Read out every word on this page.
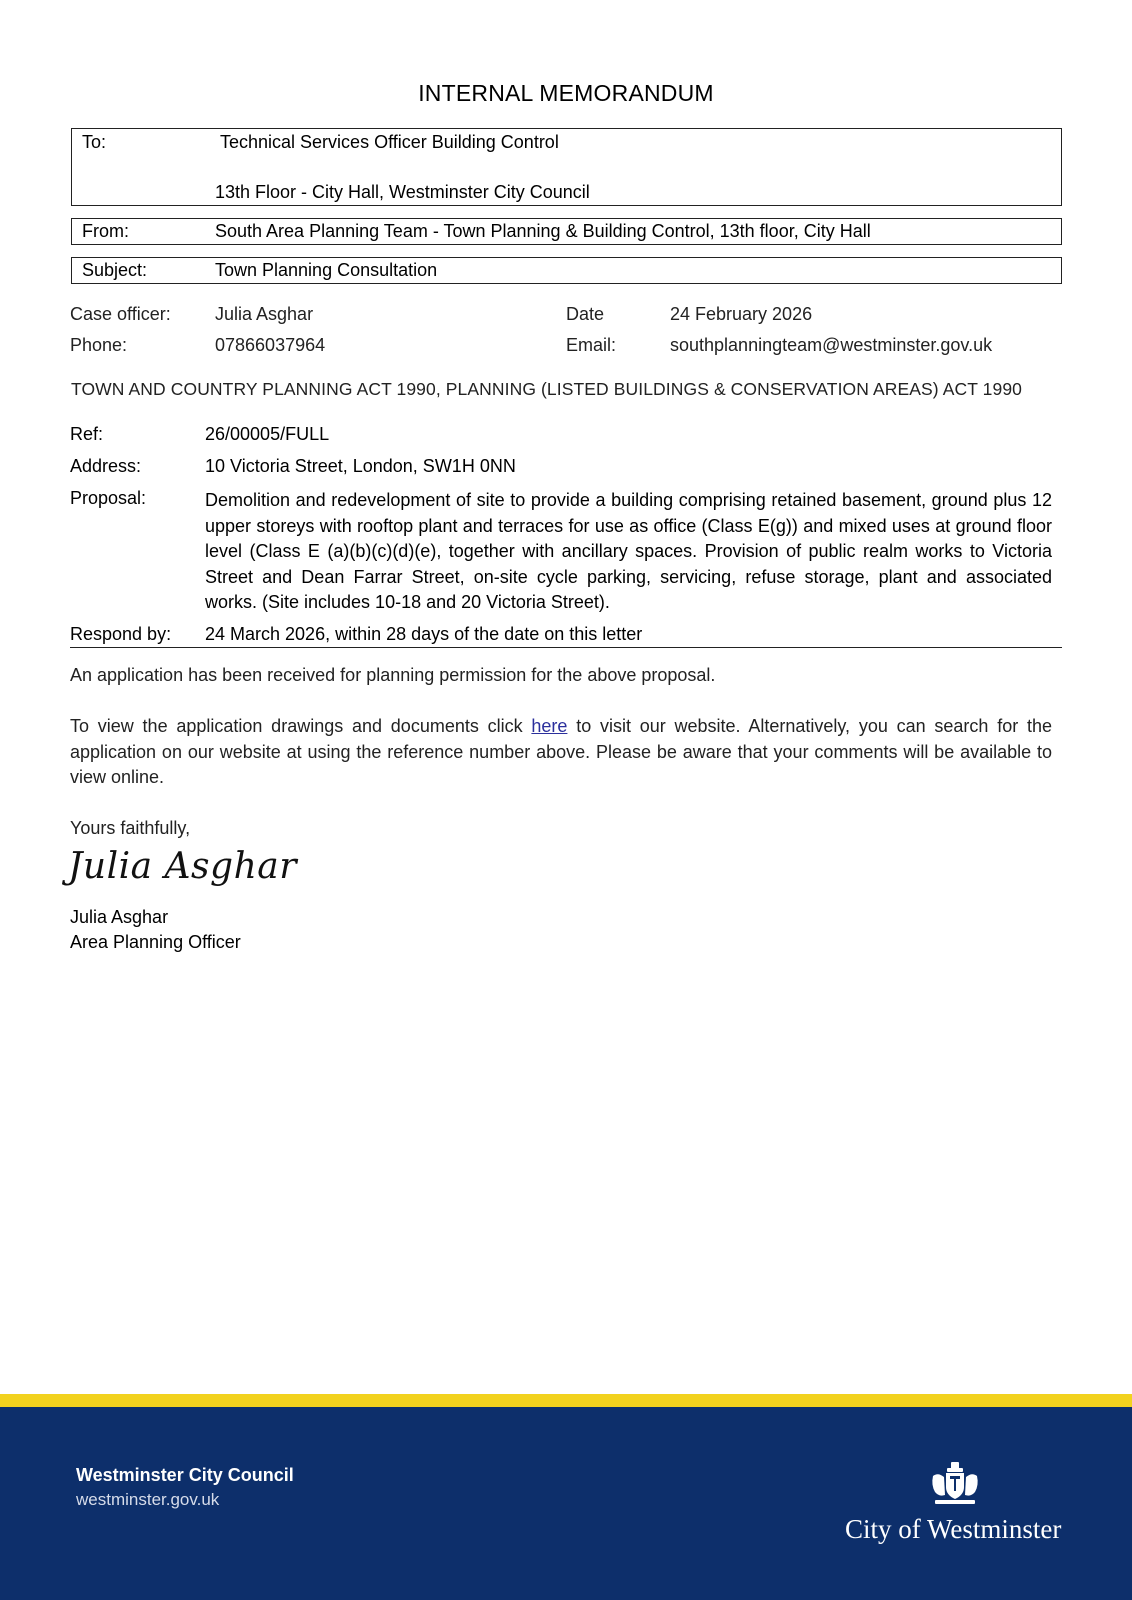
INTERNAL MEMORANDUM
To:	Technical Services Officer Building Control
13th Floor - City Hall, Westminster City Council
From:	South Area Planning Team - Town Planning & Building Control, 13th floor, City Hall
Subject:	Town Planning Consultation
Case officer: Julia Asghar	Date	24 February 2026
Phone:	07866037964	Email:	southplanningteam@westminster.gov.uk
TOWN AND COUNTRY PLANNING ACT 1990, PLANNING (LISTED BUILDINGS & CONSERVATION AREAS) ACT 1990
Ref:	26/00005/FULL
Address:	10 Victoria Street, London, SW1H 0NN
Proposal:	Demolition and redevelopment of site to provide a building comprising retained basement, ground plus 12 upper storeys with rooftop plant and terraces for use as office (Class E(g)) and mixed uses at ground floor level (Class E (a)(b)(c)(d)(e), together with ancillary spaces. Provision of public realm works to Victoria Street and Dean Farrar Street, on-site cycle parking, servicing, refuse storage, plant and associated works. (Site includes 10-18 and 20 Victoria Street).
Respond by: 24 March 2026, within 28 days of the date on this letter
An application has been received for planning permission for the above proposal.
To view the application drawings and documents click here to visit our website. Alternatively, you can search for the application on our website at using the reference number above. Please be aware that your comments will be available to view online.
Yours faithfully,
Julia Asghar
Julia Asghar
Area Planning Officer
Westminster City Council
westminster.gov.uk
City of Westminster
